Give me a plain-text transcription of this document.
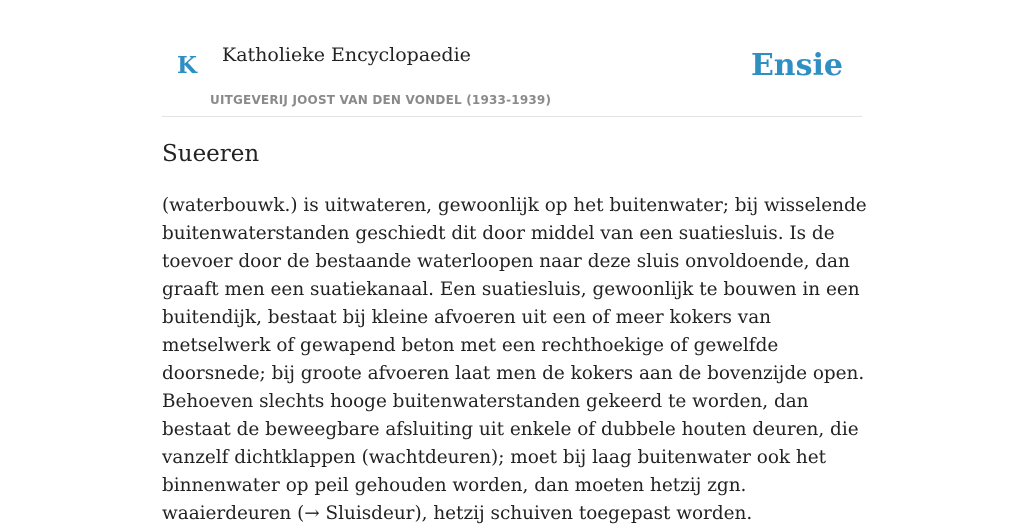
K Katholieke Encyclopaedie
UITGEVERIJ JOOST VAN DEN VONDEL (1933-1939)
Ensie
Sueeren

(waterbouwk.) is uitwateren, gewoonlijk op het buitenwater; bij wisselende buitenwaterstanden geschiedt dit door middel van een suatiesluis. Is de toevoer door de bestaande waterloopen naar deze sluis onvoldoende, dan graaft men een suatiekanaal. Een suatiesluis, gewoonlijk te bouwen in een buitendijk, bestaat bij kleine afvoeren uit een of meer kokers van metselwerk of gewapend beton met een rechthoekige of gewelfde doorsnede; bij groote afvoeren laat men de kokers aan de bovenzijde open. Behoeven slechts hooge buitenwaterstanden gekeerd te worden, dan bestaat de beweegbare afsluiting uit enkele of dubbele houten deuren, die vanzelf dichtklappen (wachtdeuren); moet bij laag buitenwater ook het binnenwater op peil gehouden worden, dan moeten hetzij zgn. waaierdeuren (→ Sluisdeur), hetzij schuiven toegepast worden.
